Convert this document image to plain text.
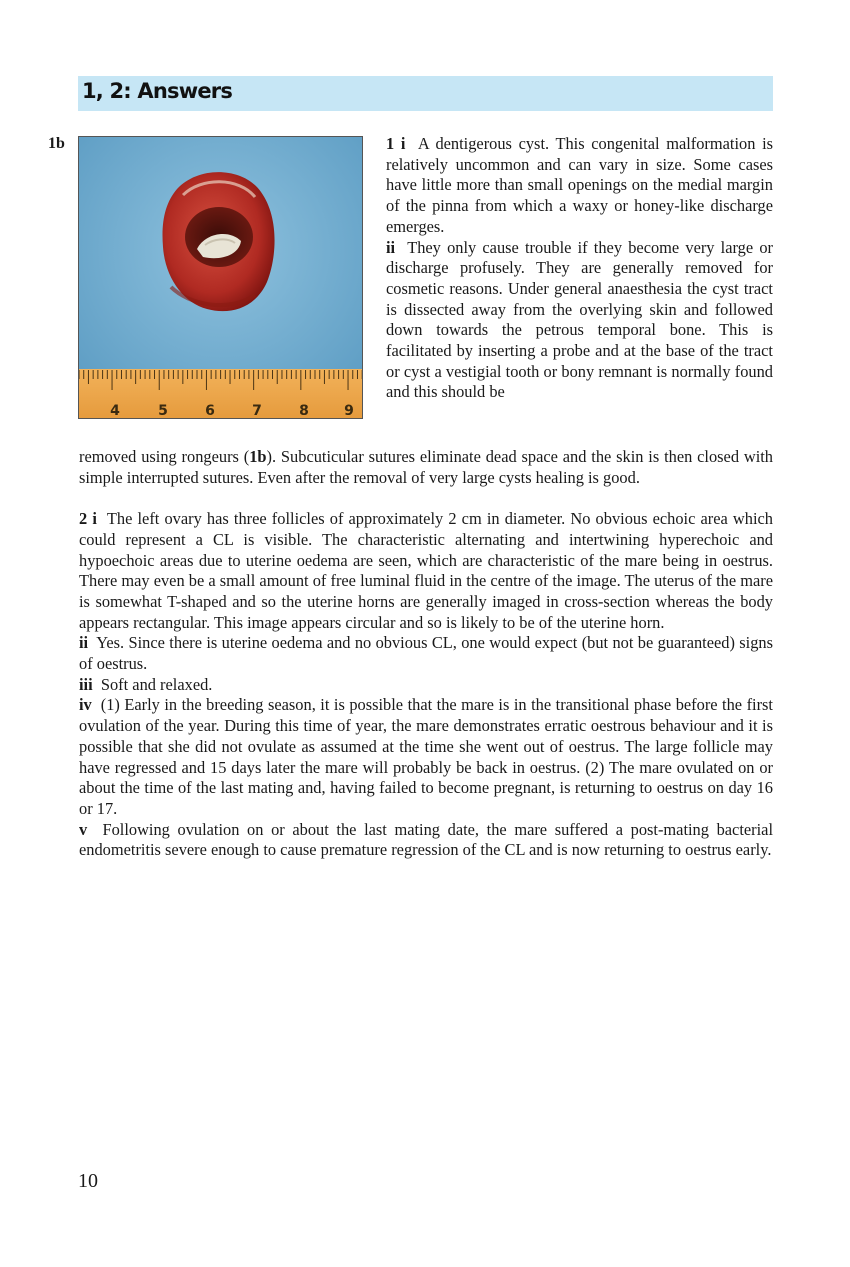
1, 2: Answers
1b
4	5	6	7	8	9

1 i A dentigerous cyst. This congenital malformation is relatively uncommon and can vary in size. Some cases have little more than small openings on the medial margin of the pinna from which a waxy or honey-like discharge emerges.

ii They only cause trouble if they become very large or discharge profusely. They are generally removed for cosmetic reasons. Under general anaesthesia the cyst tract is dissected away from the overlying skin and followed down towards the petrous temporal bone. This is facilitated by inserting a probe and at the base of the tract or cyst a vestigial tooth or bony remnant is normally found and this should be

removed using rongeurs (1b). Subcuticular sutures eliminate dead space and the skin is then closed with simple interrupted sutures. Even after the removal of very large cysts healing is good.

2 i The left ovary has three follicles of approximately 2 cm in diameter. No obvious echoic area which could represent a CL is visible. The characteristic alternating and intertwining hyperechoic and hypoechoic areas due to uterine oedema are seen, which are characteristic of the mare being in oestrus. There may even be a small amount of free luminal fluid in the centre of the image. The uterus of the mare is somewhat T-shaped and so the uterine horns are generally imaged in cross-section whereas the body appears rectangular. This image appears circular and so is likely to be of the uterine horn.

ii Yes. Since there is uterine oedema and no obvious CL, one would expect (but not be guaranteed) signs of oestrus.

iii Soft and relaxed.

iv (1) Early in the breeding season, it is possible that the mare is in the transitional phase before the first ovulation of the year. During this time of year, the mare demonstrates erratic oestrous behaviour and it is possible that she did not ovulate as assumed at the time she went out of oestrus. The large follicle may have regressed and 15 days later the mare will probably be back in oestrus. (2) The mare ovulated on or about the time of the last mating and, having failed to become pregnant, is returning to oestrus on day 16 or 17.

v Following ovulation on or about the last mating date, the mare suffered a post-mating bacterial endometritis severe enough to cause premature regression of the CL and is now returning to oestrus early.

10
